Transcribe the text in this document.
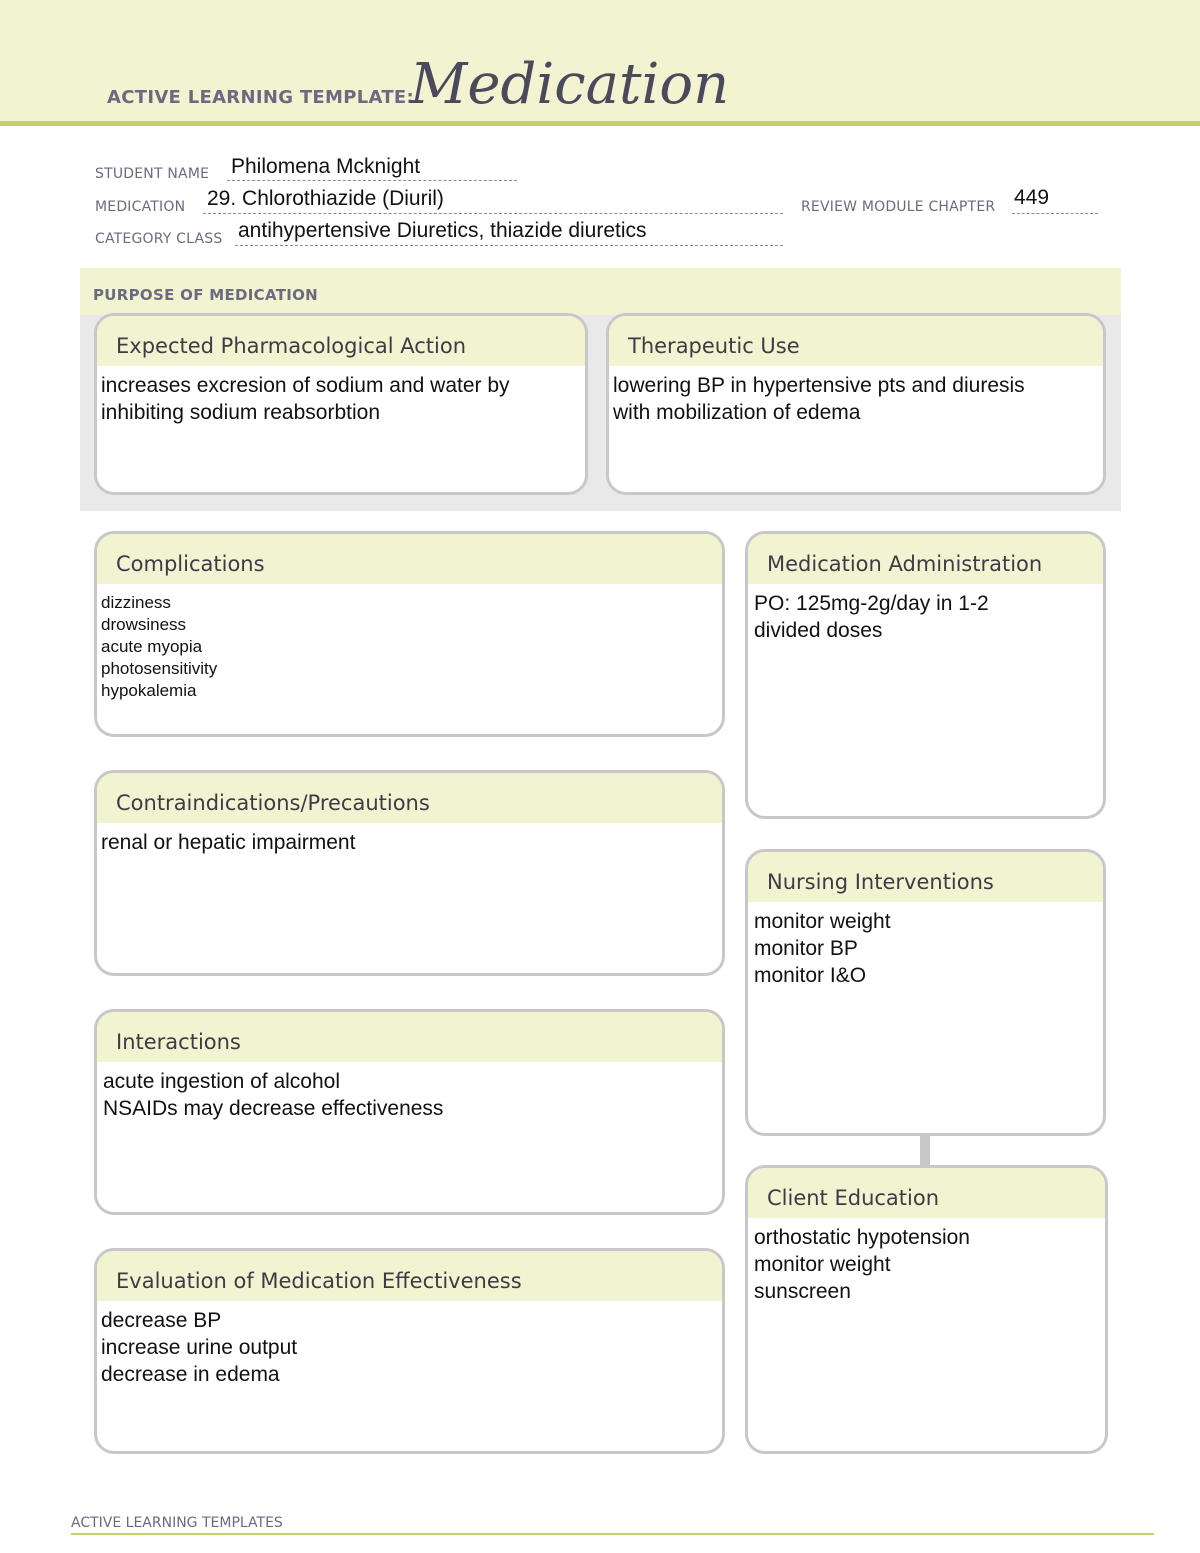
ACTIVE LEARNING TEMPLATE:
Medication
STUDENT NAME Philomena Mcknight
MEDICATION 29. Chlorothiazide (Diuril)	REVIEW MODULE CHAPTER 449
CATEGORY CLASS antihypertensive Diuretics, thiazide diuretics
PURPOSE OF MEDICATION
Expected Pharmacological Action
increases excresion of sodium and water by
inhibiting sodium reabsorbtion
Therapeutic Use
lowering BP in hypertensive pts and diuresis
with mobilization of edema
Complications
dizziness
drowsiness
acute myopia
photosensitivity
hypokalemia
Contraindications/Precautions
renal or hepatic impairment
Interactions
acute ingestion of alcohol
NSAIDs may decrease effectiveness
Evaluation of Medication Effectiveness
decrease BP
increase urine output
decrease in edema
Medication Administration
PO: 125mg-2g/day in 1-2
divided doses
Nursing Interventions
monitor weight
monitor BP
monitor I&O
Client Education
orthostatic hypotension
monitor weight
sunscreen
ACTIVE LEARNING TEMPLATES
